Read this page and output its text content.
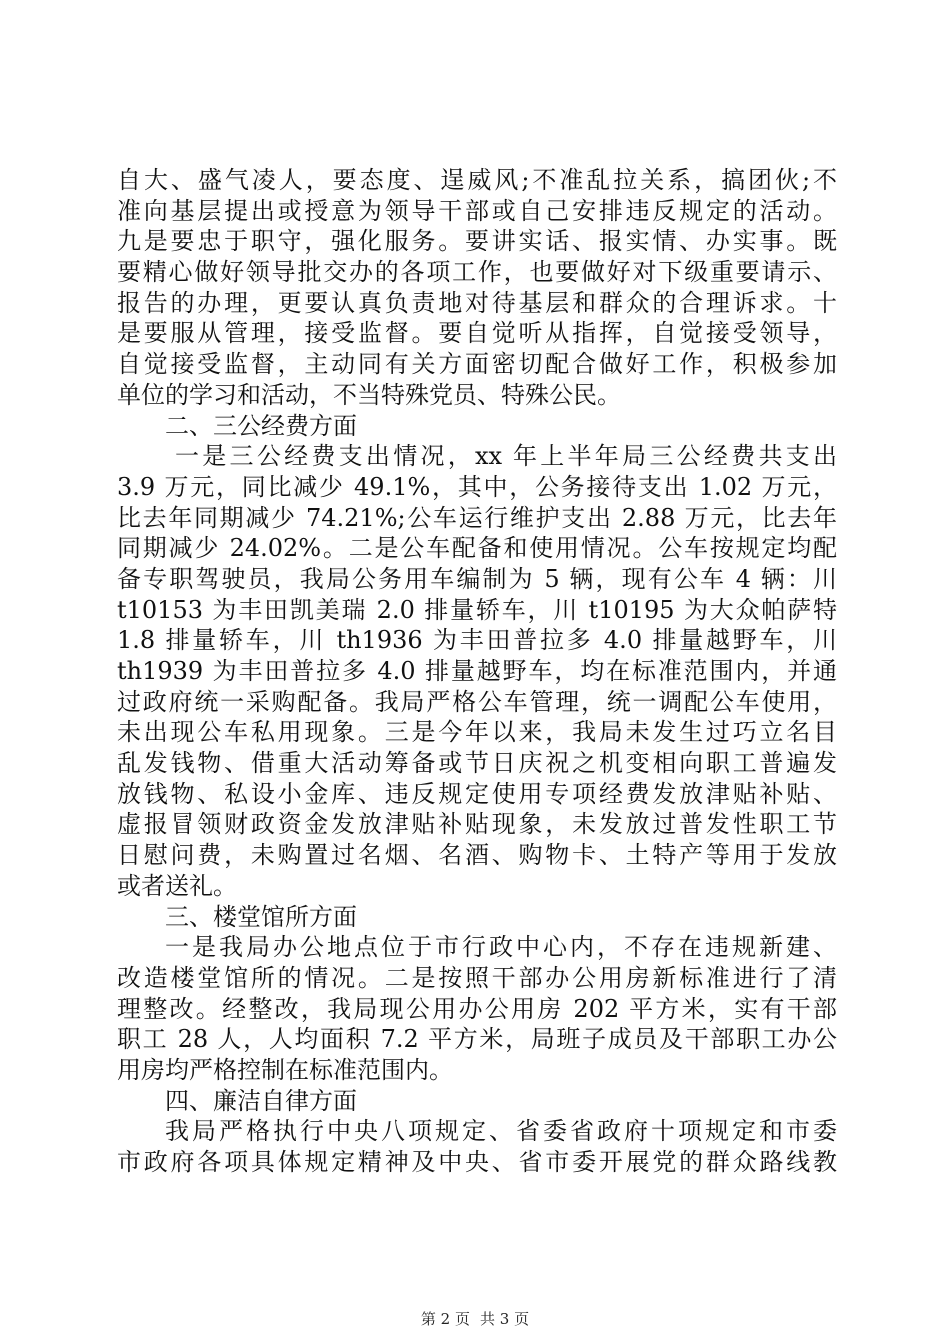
自大、盛气凌人，要态度、逞威风;不准乱拉关系，搞团伙;不
准向基层提出或授意为领导干部或自己安排违反规定的活动。
九是要忠于职守，强化服务。要讲实话、报实情、办实事。既
要精心做好领导批交办的各项工作，也要做好对下级重要请示、
报告的办理，更要认真负责地对待基层和群众的合理诉求。十
是要服从管理，接受监督。要自觉听从指挥，自觉接受领导，
自觉接受监督，主动同有关方面密切配合做好工作，积极参加
单位的学习和活动，不当特殊党员、特殊公民。
二、三公经费方面
一是三公经费支出情况，xx 年上半年局三公经费共支出
3.9 万元，同比减少 49.1%，其中，公务接待支出 1.02 万元，
比去年同期减少 74.21%;公车运行维护支出 2.88 万元，比去年
同期减少 24.02%。二是公车配备和使用情况。公车按规定均配
备专职驾驶员，我局公务用车编制为 5 辆，现有公车 4 辆：川
t10153 为丰田凯美瑞 2.0 排量轿车，川 t10195 为大众帕萨特
1.8 排量轿车，川 th1936 为丰田普拉多 4.0 排量越野车，川
th1939 为丰田普拉多 4.0 排量越野车，均在标准范围内，并通
过政府统一采购配备。我局严格公车管理，统一调配公车使用，
未出现公车私用现象。三是今年以来，我局未发生过巧立名目
乱发钱物、借重大活动筹备或节日庆祝之机变相向职工普遍发
放钱物、私设小金库、违反规定使用专项经费发放津贴补贴、
虚报冒领财政资金发放津贴补贴现象，未发放过普发性职工节
日慰问费，未购置过名烟、名酒、购物卡、土特产等用于发放
或者送礼。
三、楼堂馆所方面
一是我局办公地点位于市行政中心内，不存在违规新建、
改造楼堂馆所的情况。二是按照干部办公用房新标准进行了清
理整改。经整改，我局现公用办公用房 202 平方米，实有干部
职工 28 人，人均面积 7.2 平方米，局班子成员及干部职工办公
用房均严格控制在标准范围内。
四、廉洁自律方面
我局严格执行中央八项规定、省委省政府十项规定和市委
市政府各项具体规定精神及中央、省市委开展党的群众路线教
第 2 页 共 3 页
